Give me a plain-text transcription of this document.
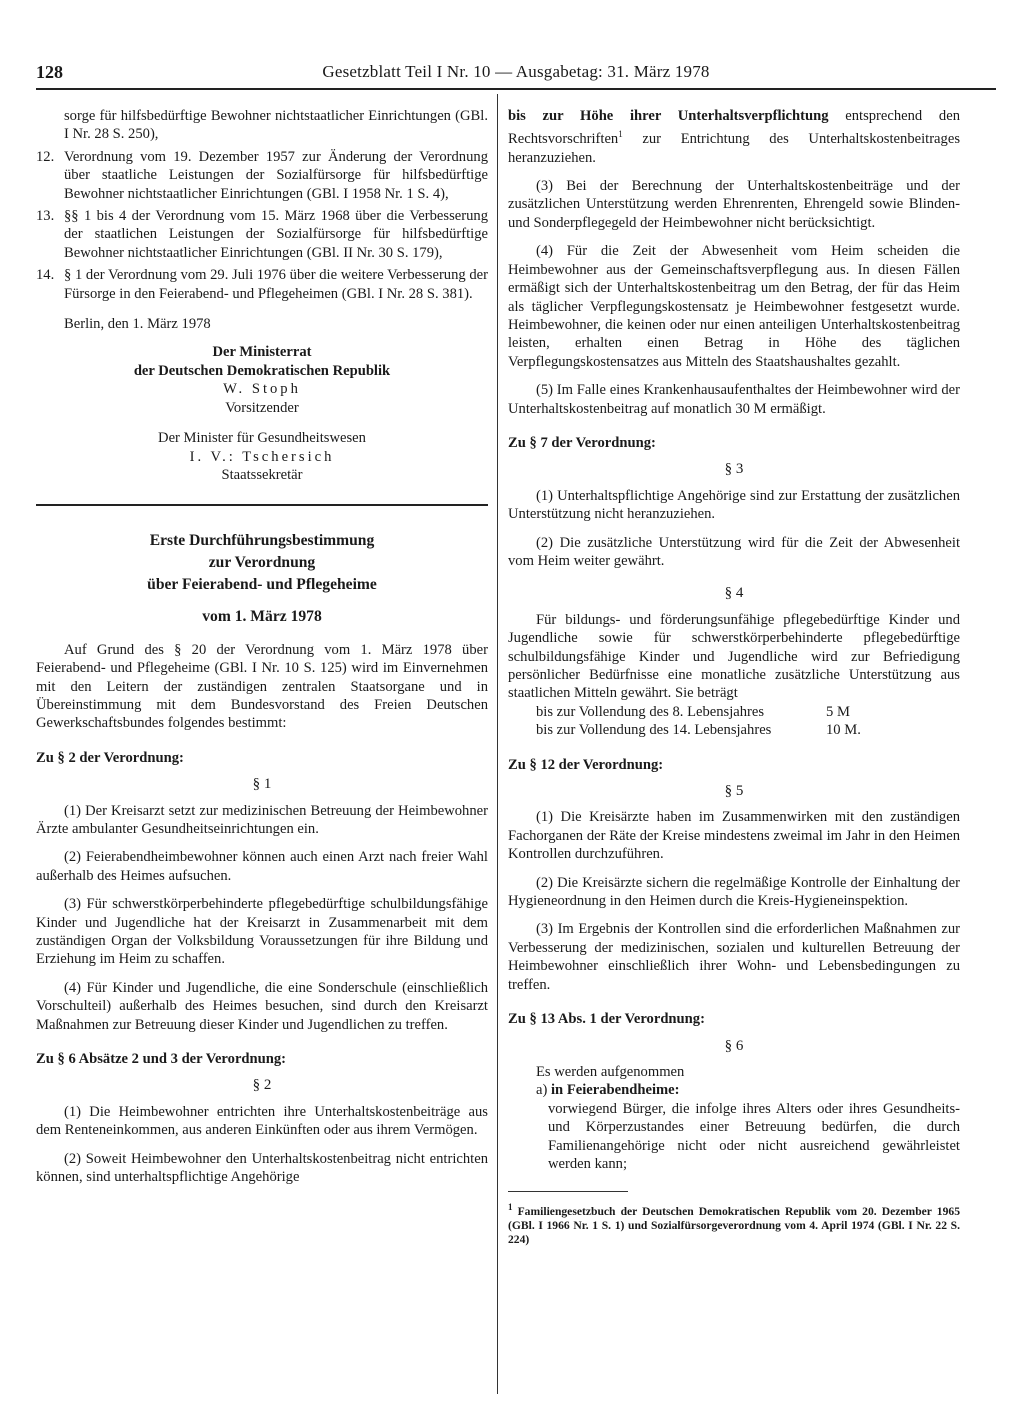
128	Gesetzblatt Teil I Nr. 10 — Ausgabetag: 31. März 1978

sorge für hilfsbedürftige Bewohner nichtstaatlicher Einrichtungen (GBl. I Nr. 28 S. 250),

12. Verordnung vom 19. Dezember 1957 zur Änderung der Verordnung über staatliche Leistungen der Sozialfürsorge für hilfsbedürftige Bewohner nichtstaatlicher Einrichtungen (GBl. I 1958 Nr. 1 S. 4),
13. §§ 1 bis 4 der Verordnung vom 15. März 1968 über die Verbesserung der staatlichen Leistungen der Sozialfürsorge für hilfsbedürftige Bewohner nichtstaatlicher Einrichtungen (GBl. II Nr. 30 S. 179),
14. § 1 der Verordnung vom 29. Juli 1976 über die weitere Verbesserung der Fürsorge in den Feierabend- und Pflegeheimen (GBl. I Nr. 28 S. 381).

Berlin, den 1. März 1978

Der Ministerrat

der Deutschen Demokratischen Republik

W. Stoph

Vorsitzender

Der Minister für Gesundheitswesen

I. V.: Tschersich

Staatssekretär

Erste Durchführungsbestimmung

zur Verordnung

über Feierabend- und Pflegeheime

vom 1. März 1978

Auf Grund des § 20 der Verordnung vom 1. März 1978 über Feierabend- und Pflegeheime (GBl. I Nr. 10 S. 125) wird im Einvernehmen mit den Leitern der zuständigen zentralen Staatsorgane und in Übereinstimmung mit dem Bundesvorstand des Freien Deutschen Gewerkschaftsbundes folgendes bestimmt:

Zu § 2 der Verordnung:

§ 1

(1) Der Kreisarzt setzt zur medizinischen Betreuung der Heimbewohner Ärzte ambulanter Gesundheitseinrichtungen ein.

(2) Feierabendheimbewohner können auch einen Arzt nach freier Wahl außerhalb des Heimes aufsuchen.

(3) Für schwerstkörperbehinderte pflegebedürftige schulbildungsfähige Kinder und Jugendliche hat der Kreisarzt in Zusammenarbeit mit dem zuständigen Organ der Volksbildung Voraussetzungen für ihre Bildung und Erziehung im Heim zu schaffen.

(4) Für Kinder und Jugendliche, die eine Sonderschule (einschließlich Vorschulteil) außerhalb des Heimes besuchen, sind durch den Kreisarzt Maßnahmen zur Betreuung dieser Kinder und Jugendlichen zu treffen.

Zu § 6 Absätze 2 und 3 der Verordnung:

§ 2

(1) Die Heimbewohner entrichten ihre Unterhaltskostenbeiträge aus dem Renteneinkommen, aus anderen Einkünften oder aus ihrem Vermögen.

(2) Soweit Heimbewohner den Unterhaltskostenbeitrag nicht entrichten können, sind unterhaltspflichtige Angehörige

bis zur Höhe ihrer Unterhaltsverpflichtung entsprechend den Rechtsvorschriften$^1$ zur Entrichtung des Unterhaltskostenbeitrages heranzuziehen.

(3) Bei der Berechnung der Unterhaltskostenbeiträge und der zusätzlichen Unterstützung werden Ehrenrenten, Ehrengeld sowie Blinden- und Sonderpflegegeld der Heimbewohner nicht berücksichtigt.

(4) Für die Zeit der Abwesenheit vom Heim scheiden die Heimbewohner aus der Gemeinschaftsverpflegung aus. In diesen Fällen ermäßigt sich der Unterhaltskostenbeitrag um den Betrag, der für das Heim als täglicher Verpflegungskostensatz je Heimbewohner festgesetzt wurde. Heimbewohner, die keinen oder nur einen anteiligen Unterhaltskostenbeitrag leisten, erhalten einen Betrag in Höhe des täglichen Verpflegungskostensatzes aus Mitteln des Staatshaushaltes gezahlt.

(5) Im Falle eines Krankenhausaufenthaltes der Heimbewohner wird der Unterhaltskostenbeitrag auf monatlich 30 M ermäßigt.

Zu § 7 der Verordnung:

§ 3

(1) Unterhaltspflichtige Angehörige sind zur Erstattung der zusätzlichen Unterstützung nicht heranzuziehen.

(2) Die zusätzliche Unterstützung wird für die Zeit der Abwesenheit vom Heim weiter gewährt.

§ 4

Für bildungs- und förderungsunfähige pflegebedürftige Kinder und Jugendliche sowie für schwerstkörperbehinderte pflegebedürftige schulbildungsfähige Kinder und Jugendliche wird zur Befriedigung persönlicher Bedürfnisse eine monatliche zusätzliche Unterstützung aus staatlichen Mitteln gewährt. Sie beträgt

bis zur Vollendung des 8. Lebensjahres	5 M
bis zur Vollendung des 14. Lebensjahres	10 M.

Zu § 12 der Verordnung:

§ 5

(1) Die Kreisärzte haben im Zusammenwirken mit den zuständigen Fachorganen der Räte der Kreise mindestens zweimal im Jahr in den Heimen Kontrollen durchzuführen.

(2) Die Kreisärzte sichern die regelmäßige Kontrolle der Einhaltung der Hygieneordnung in den Heimen durch die Kreis-Hygieneinspektion.

(3) Im Ergebnis der Kontrollen sind die erforderlichen Maßnahmen zur Verbesserung der medizinischen, sozialen und kulturellen Betreuung der Heimbewohner einschließlich ihrer Wohn- und Lebensbedingungen zu treffen.

Zu § 13 Abs. 1 der Verordnung:

§ 6

Es werden aufgenommen

a) in Feierabendheime:

vorwiegend Bürger, die infolge ihres Alters oder ihres Gesundheits- und Körperzustandes einer Betreuung bedürfen, die durch Familienangehörige nicht oder nicht ausreichend gewährleistet werden kann;

$^1$ Familiengesetzbuch der Deutschen Demokratischen Republik vom 20. Dezember 1965 (GBl. I 1966 Nr. 1 S. 1) und Sozialfürsorgeverordnung vom 4. April 1974 (GBl. I Nr. 22 S. 224)
